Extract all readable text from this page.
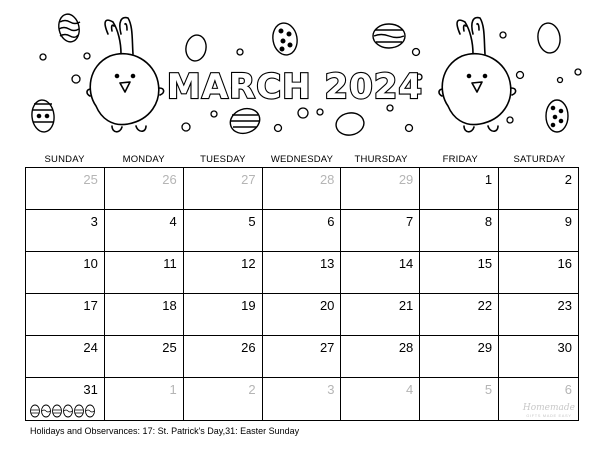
MARCH 2024
SUNDAY	MONDAY	TUESDAY	WEDNESDAY	THURSDAY	FRIDAY	SATURDAY
25	26	27	28	29	1	2
3	4	5	6	7	8	9
10	11	12	13	14	15	16
17	18	19	20	21	22	23
24	25	26	27	28	29	30
31	1	2	3	4	5	6
Homemade
GIFTS MADE EASY
Holidays and Observances: 17: St. Patrick's Day,31: Easter Sunday
